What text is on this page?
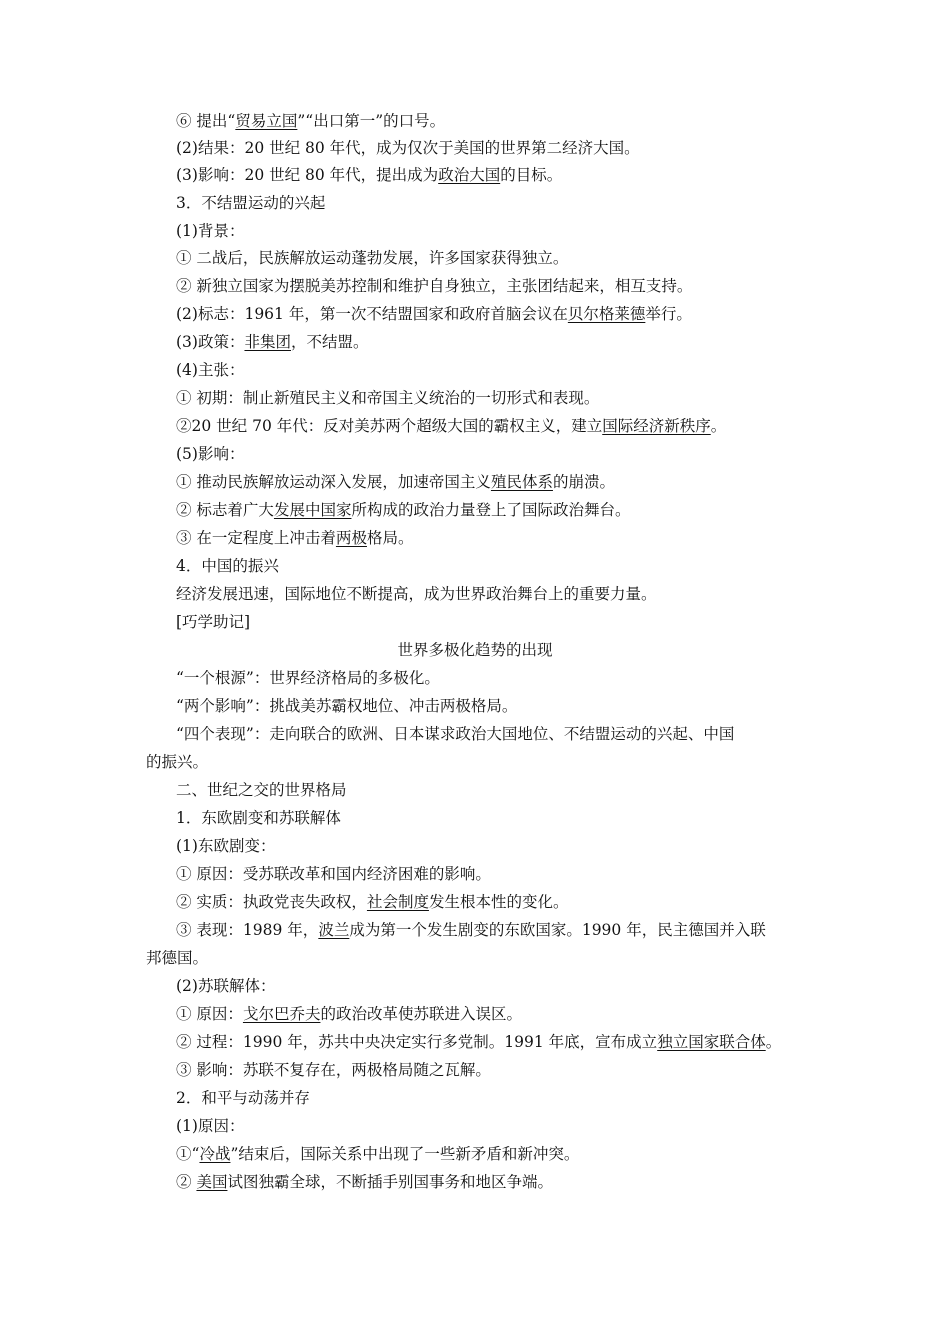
⑥ 提出“贸易立国”“出口第一”的口号。
(2)结果：20 世纪 80 年代，成为仅次于美国的世界第二经济大国。
(3)影响：20 世纪 80 年代，提出成为政治大国的目标。
3．不结盟运动的兴起
(1)背景：
① 二战后，民族解放运动蓬勃发展，许多国家获得独立。
② 新独立国家为摆脱美苏控制和维护自身独立，主张团结起来，相互支持。
(2)标志：1961 年，第一次不结盟国家和政府首脑会议在贝尔格莱德举行。
(3)政策：非集团，不结盟。
(4)主张：
① 初期：制止新殖民主义和帝国主义统治的一切形式和表现。
②20 世纪 70 年代：反对美苏两个超级大国的霸权主义，建立国际经济新秩序。
(5)影响：
① 推动民族解放运动深入发展，加速帝国主义殖民体系的崩溃。
② 标志着广大发展中国家所构成的政治力量登上了国际政治舞台。
③ 在一定程度上冲击着两极格局。
4．中国的振兴
经济发展迅速，国际地位不断提高，成为世界政治舞台上的重要力量。
[巧学助记]
世界多极化趋势的出现
“一个根源”：世界经济格局的多极化。
“两个影响”：挑战美苏霸权地位、冲击两极格局。
“四个表现”：走向联合的欧洲、日本谋求政治大国地位、不结盟运动的兴起、中国
的振兴。
二、世纪之交的世界格局
1．东欧剧变和苏联解体
(1)东欧剧变：
① 原因：受苏联改革和国内经济困难的影响。
② 实质：执政党丧失政权，社会制度发生根本性的变化。
③ 表现：1989 年，波兰成为第一个发生剧变的东欧国家。1990 年，民主德国并入联
邦德国。
(2)苏联解体：
① 原因：戈尔巴乔夫的政治改革使苏联进入误区。
② 过程：1990 年，苏共中央决定实行多党制。1991 年底，宣布成立独立国家联合体。
③ 影响：苏联不复存在，两极格局随之瓦解。
2．和平与动荡并存
(1)原因：
①“冷战”结束后，国际关系中出现了一些新矛盾和新冲突。
② 美国试图独霸全球，不断插手别国事务和地区争端。
